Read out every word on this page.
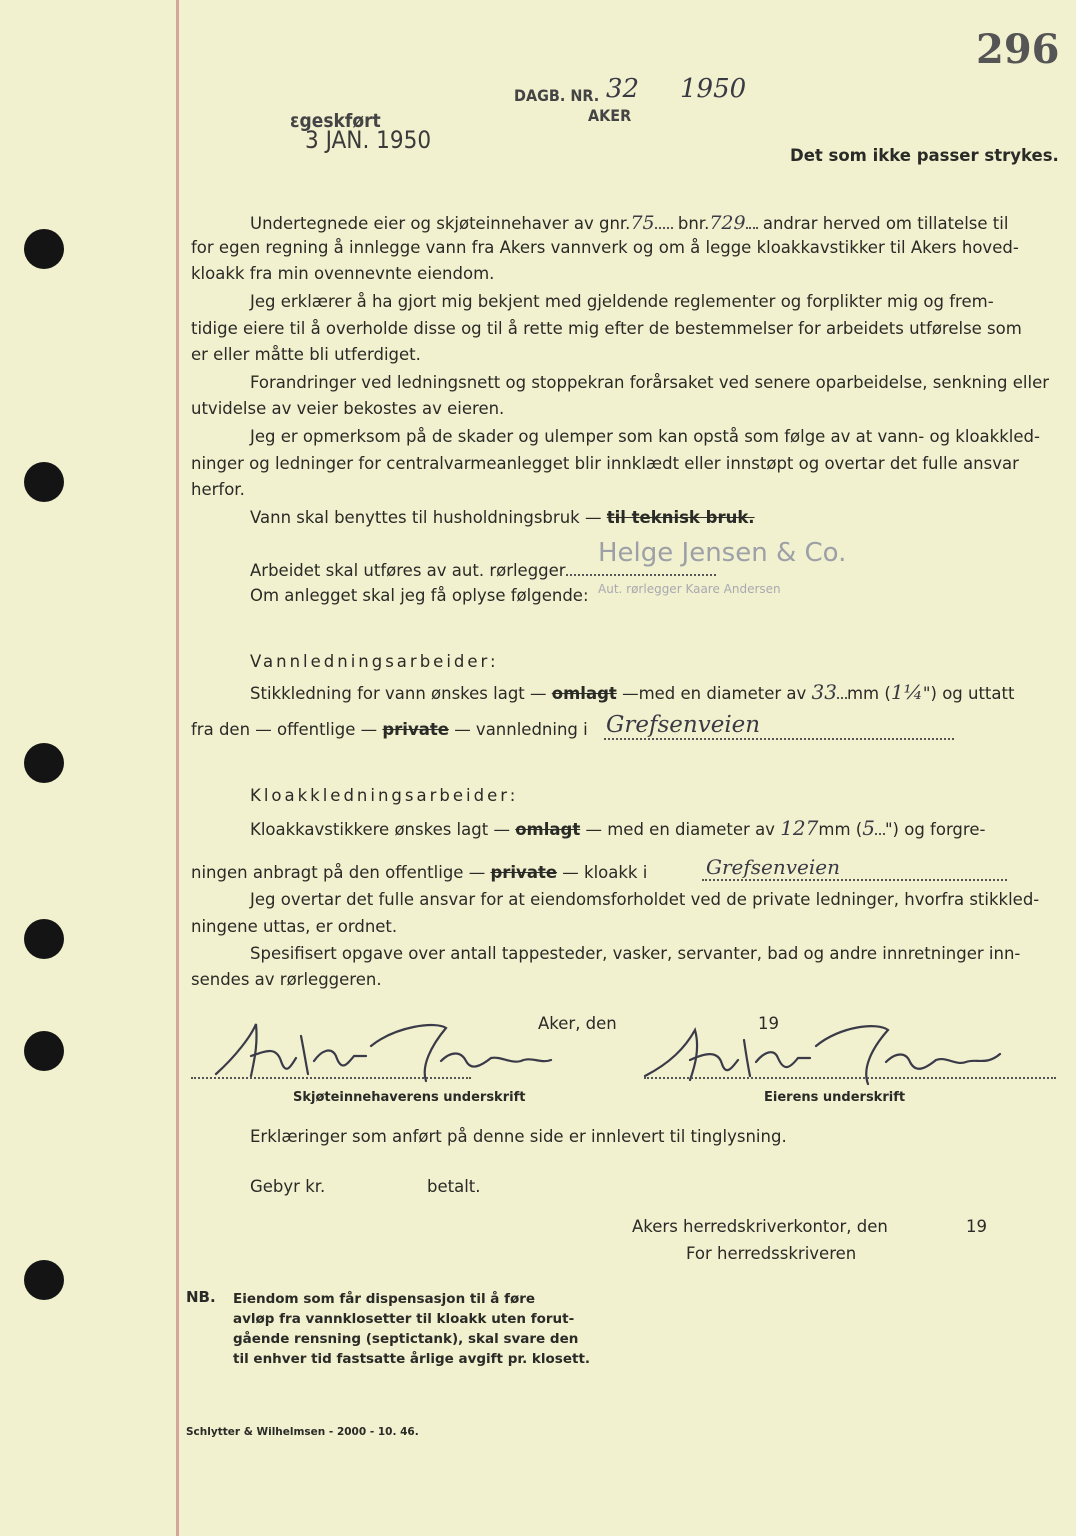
296
ɛgeskført
3 JAN. 1950
DAGB. NR. 32 1950
AKER
Det som ikke passer strykes.
Undertegnede eier og skjøteinnehaver av gnr.75 bnr.729 andrar herved om tillatelse til
for egen regning å innlegge vann fra Akers vannverk og om å legge kloakkavstikker til Akers hoved-
kloakk fra min ovennevnte eiendom.
Jeg erklærer å ha gjort mig bekjent med gjeldende reglementer og forplikter mig og frem-
tidige eiere til å overholde disse og til å rette mig efter de bestemmelser for arbeidets utførelse som
er eller måtte bli utferdiget.
Forandringer ved ledningsnett og stoppekran forårsaket ved senere oparbeidelse, senkning eller
utvidelse av veier bekostes av eieren.
Jeg er opmerksom på de skader og ulemper som kan opstå som følge av at vann- og kloakkled-
ninger og ledninger for centralvarmeanlegget blir innklædt eller innstøpt og overtar det fulle ansvar
herfor.
Vann skal benyttes til husholdningsbruk — til teknisk bruk.
Arbeidet skal utføres av aut. rørlegger
Helge Jensen & Co.
Aut. rørlegger Kaare Andersen
Om anlegget skal jeg få oplyse følgende:
Vannledningsarbeider:
Stikkledning for vann ønskes lagt — omlagt —med en diameter av 33 mm (1¼") og uttatt
fra den — offentlige — private — vannledning i Grefsenveien
Kloakkledningsarbeider:
Kloakkavstikkere ønskes lagt — omlagt — med en diameter av 127mm (5 ") og forgre-
ningen anbragt på den offentlige — private — kloakk i	Grefsenveien
Jeg overtar det fulle ansvar for at eiendomsforholdet ved de private ledninger, hvorfra stikkled-
ningene uttas, er ordnet.
Spesifisert opgave over antall tappesteder, vasker, servanter, bad og andre innretninger inn-
sendes av rørleggeren.
Aker, den	19
Rolf Jensen
Skjøteinnehaverens underskrift	Eierens underskrift
Erklæringer som anført på denne side er innlevert til tinglysning.
Gebyr kr.	betalt.
Akers herredskriverkontor, den	19
For herredsskriveren
NB. Eiendom som får dispensasjon til å føre
avløp fra vannklosetter til kloakk uten forut-
gående rensning (septictank), skal svare den
til enhver tid fastsatte årlige avgift pr. klosett.
Schlytter & Wilhelmsen - 2000 - 10. 46.
